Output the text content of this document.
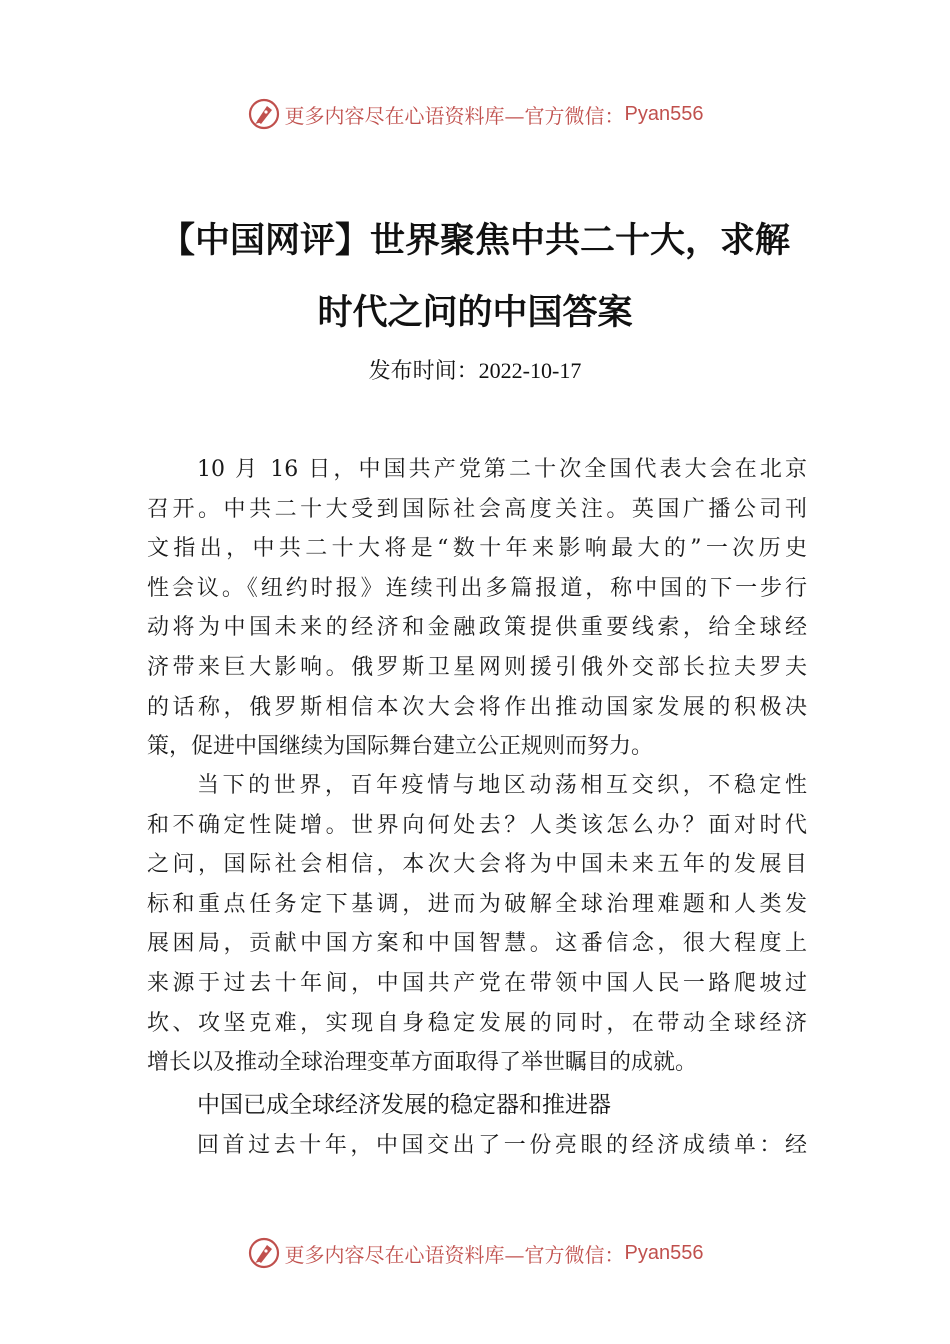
更多内容尽在心语资料库 —官方微信： Pyan556
【中国网评】世界聚焦中共二十大，求解
时代之问的中国答案
发布时间：2022-10-17
10 月 16 日，中国共产党第二十次全国代表大会在北京
召开。中共二十大受到国际社会高度关注。英国广播公司刊
文指出，中共二十大将是“数十年来影响最大的”一次历史
性会议。《纽约时报》连续刊出多篇报道，称中国的下一步行
动将为中国未来的经济和金融政策提供重要线索，给全球经
济带来巨大影响。俄罗斯卫星网则援引俄外交部长拉夫罗夫
的话称，俄罗斯相信本次大会将作出推动国家发展的积极决
策，促进中国继续为国际舞台建立公正规则而努力。
当下的世界，百年疫情与地区动荡相互交织，不稳定性
和不确定性陡增。世界向何处去？人类该怎么办？面对时代
之问，国际社会相信，本次大会将为中国未来五年的发展目
标和重点任务定下基调，进而为破解全球治理难题和人类发
展困局，贡献中国方案和中国智慧。这番信念，很大程度上
来源于过去十年间，中国共产党在带领中国人民一路爬坡过
坎、攻坚克难，实现自身稳定发展的同时，在带动全球经济
增长以及推动全球治理变革方面取得了举世瞩目的成就。
中国已成全球经济发展的稳定器和推进器
回首过去十年，中国交出了一份亮眼的经济成绩单：经
更多内容尽在心语资料库 —官方微信： Pyan556
